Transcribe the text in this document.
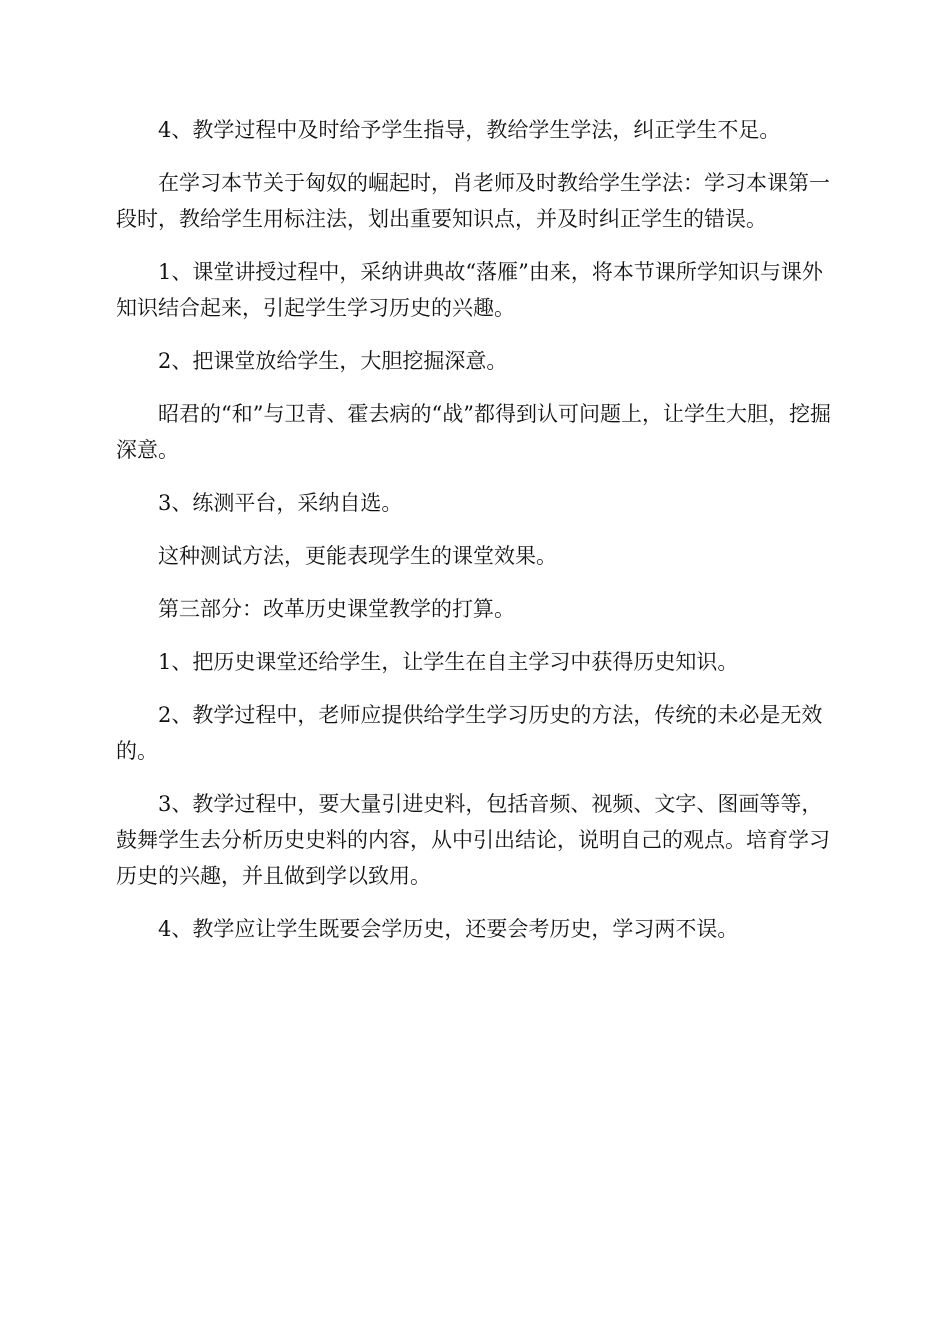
4、教学过程中及时给予学生指导，教给学生学法，纠正学生不足。

在学习本节关于匈奴的崛起时，肖老师及时教给学生学法：学习本课第一段时，教给学生用标注法，划出重要知识点，并及时纠正学生的错误。

1、课堂讲授过程中，采纳讲典故“落雁”由来，将本节课所学知识与课外知识结合起来，引起学生学习历史的兴趣。

2、把课堂放给学生，大胆挖掘深意。

昭君的“和”与卫青、霍去病的“战”都得到认可问题上，让学生大胆，挖掘深意。

3、练测平台，采纳自选。

这种测试方法，更能表现学生的课堂效果。

第三部分：改革历史课堂教学的打算。

1、把历史课堂还给学生，让学生在自主学习中获得历史知识。

2、教学过程中，老师应提供给学生学习历史的方法，传统的未必是无效的。

3、教学过程中，要大量引进史料，包括音频、视频、文字、图画等等，鼓舞学生去分析历史史料的内容，从中引出结论，说明自己的观点。培育学习历史的兴趣，并且做到学以致用。

4、教学应让学生既要会学历史，还要会考历史，学习两不误。
